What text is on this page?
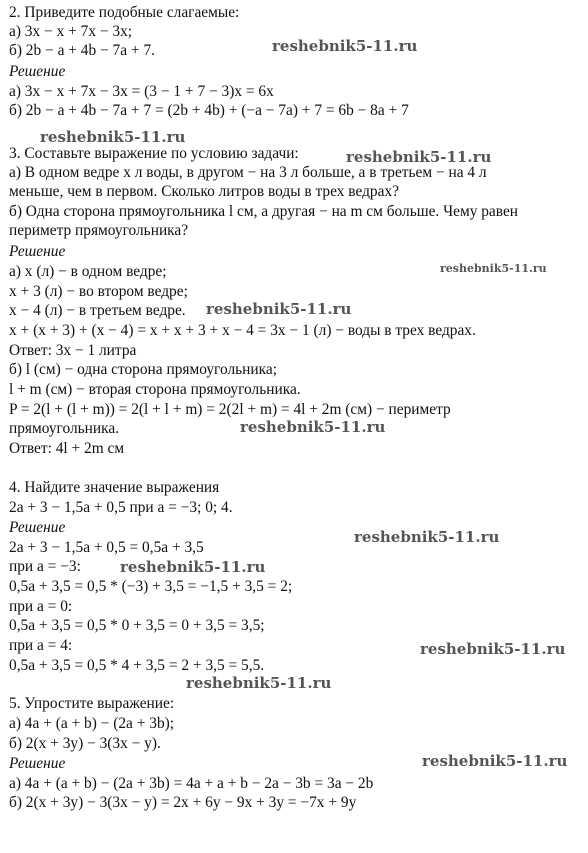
2. Приведите подобные слагаемые:
а) 3x − x + 7x − 3x;
б) 2b − a + 4b − 7a + 7.
Решение
а) 3x − x + 7x − 3x = (3 − 1 + 7 − 3)x = 6x
б) 2b − a + 4b − 7a + 7 = (2b + 4b) + (−a − 7a) + 7 = 6b − 8a + 7
3. Составьте выражение по условию задачи:
а) В одном ведре x л воды, в другом − на 3 л больше, а в третьем − на 4 л
меньше, чем в первом. Сколько литров воды в трех ведрах?
б) Одна сторона прямоугольника l см, а другая − на m см больше. Чему равен
периметр прямоугольника?
Решение
а) x (л) − в одном ведре;
x + 3 (л) − во втором ведре;
x − 4 (л) − в третьем ведре.
x + (x + 3) + (x − 4) = x + x + 3 + x − 4 = 3x − 1 (л) − воды в трех ведрах.
Ответ: 3x − 1 литра
б) l (см) − одна сторона прямоугольника;
l + m (см) − вторая сторона прямоугольника.
P = 2(l + (l + m)) = 2(l + l + m) = 2(2l + m) = 4l + 2m (см) − периметр
прямоугольника.
Ответ: 4l + 2m см
4. Найдите значение выражения
2a + 3 − 1,5a + 0,5 при a = −3; 0; 4.
Решение
2a + 3 − 1,5a + 0,5 = 0,5a + 3,5
при a = −3:
0,5a + 3,5 = 0,5 * (−3) + 3,5 = −1,5 + 3,5 = 2;
при a = 0:
0,5a + 3,5 = 0,5 * 0 + 3,5 = 0 + 3,5 = 3,5;
при a = 4:
0,5a + 3,5 = 0,5 * 4 + 3,5 = 2 + 3,5 = 5,5.
5. Упростите выражение:
а) 4a + (a + b) − (2a + 3b);
б) 2(x + 3y) − 3(3x − y).
Решение
а) 4a + (a + b) − (2a + 3b) = 4a + a + b − 2a − 3b = 3a − 2b
б) 2(x + 3y) − 3(3x − y) = 2x + 6y − 9x + 3y = −7x + 9y
reshebnik5-11.ru
reshebnik5-11.ru
reshebnik5-11.ru
reshebnik5-11.ru
reshebnik5-11.ru
reshebnik5-11.ru
reshebnik5-11.ru
reshebnik5-11.ru
reshebnik5-11.ru
reshebnik5-11.ru
reshebnik5-11.ru
